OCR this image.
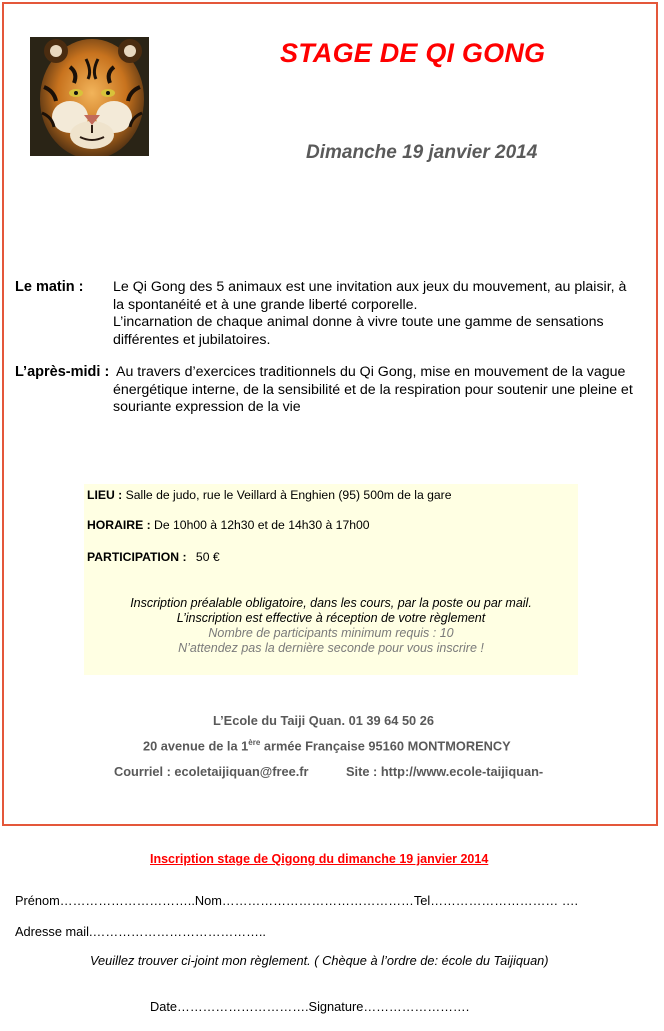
STAGE DE QI GONG
Dimanche 19 janvier 2014
Le matin : Le Qi Gong des 5 animaux est une invitation aux jeux du mouvement, au plaisir, à
la spontanéité et à une grande liberté corporelle.
L’incarnation de chaque animal donne à vivre toute une gamme de sensations
différentes et jubilatoires.
L’après-midi : Au travers d’exercices traditionnels du Qi Gong, mise en mouvement de la vague
énergétique interne, de la sensibilité et de la respiration pour soutenir une pleine et
souriante expression de la vie
LIEU : Salle de judo, rue le Veillard à Enghien (95) 500m de la gare
HORAIRE : De 10h00 à 12h30 et de 14h30 à 17h00
PARTICIPATION : 50 €
Inscription préalable obligatoire, dans les cours, par la poste ou par mail.
L’inscription est effective à réception de votre règlement
Nombre de participants minimum requis : 10
N’attendez pas la dernière seconde pour vous inscrire !
L’Ecole du Taiji Quan. 01 39 64 50 26
20 avenue de la 1ère armée Française 95160 MONTMORENCY
Courriel : ecoletaijiquan@free.fr	Site : http://www.ecole-taijiquan-
Inscription stage de Qigong du dimanche 19 janvier 2014
Prénom…………………………..Nom………………………………………Tel………………………… ….
Adresse mail.…………………………………..
Veuillez trouver ci-joint mon règlement. ( Chèque à l’ordre de: école du Taijiquan)
Date………………………….Signature…………………….
